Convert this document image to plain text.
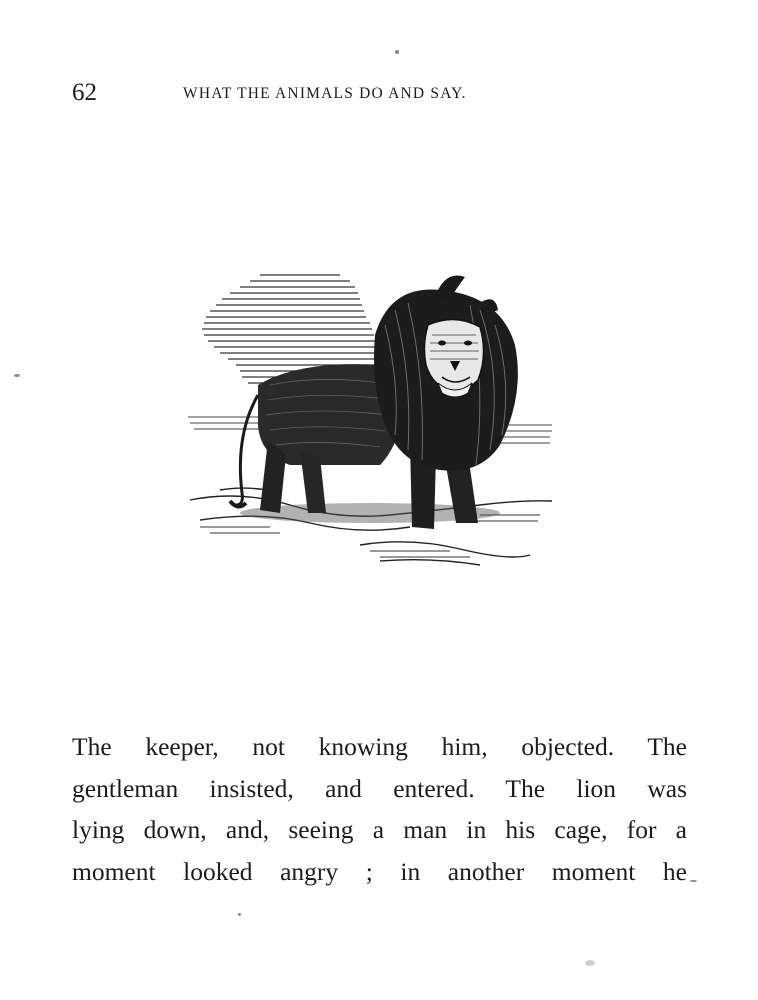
62	WHAT THE ANIMALS DO AND SAY.
The keeper, not knowing him, objected. The
gentleman insisted, and entered. The lion was
lying down, and, seeing a man in his cage, for a
moment looked angry ; in another moment he
